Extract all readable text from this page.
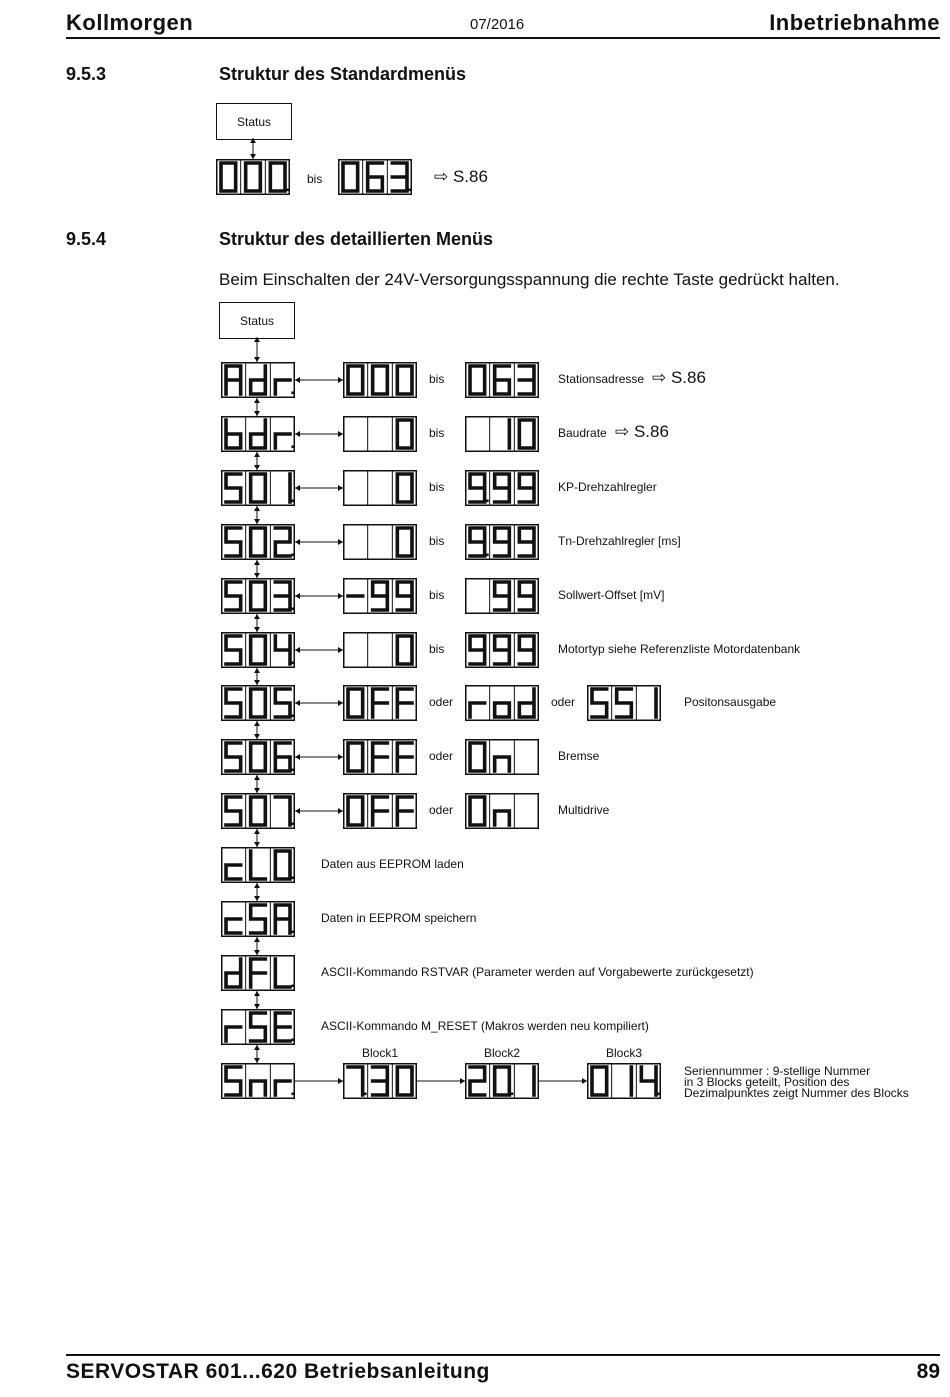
Kollmorgen	07/2016	Inbetriebnahme
SERVOSTAR 601...620 Betriebsanleitung	89
9.5.3	Struktur des Standardmenüs
Status
bis	⇨ S.86
9.5.4	Struktur des detaillierten Menüs
Beim Einschalten der 24V-Versorgungsspannung die rechte Taste gedrückt halten.
Status
bis	Stationsadresse ⇨ S.86
bis	Baudrate ⇨ S.86
bis	KP-Drehzahlregler
bis	Tn-Drehzahlregler [ms]
bis	Sollwert-Offset [mV]
bis	Motortyp siehe Referenzliste Motordatenbank
oder	oder	Positonsausgabe
oder	Bremse
oder	Multidrive
Daten aus EEPROM laden
Daten in EEPROM speichern
ASCII-Kommando RSTVAR (Parameter werden auf Vorgabewerte zurückgesetzt)
ASCII-Kommando M_RESET (Makros werden neu kompiliert)
Block1	Block2	Block3
Seriennummer : 9-stellige Nummer
in 3 Blocks geteilt, Position des
Dezimalpunktes zeigt Nummer des Blocks
